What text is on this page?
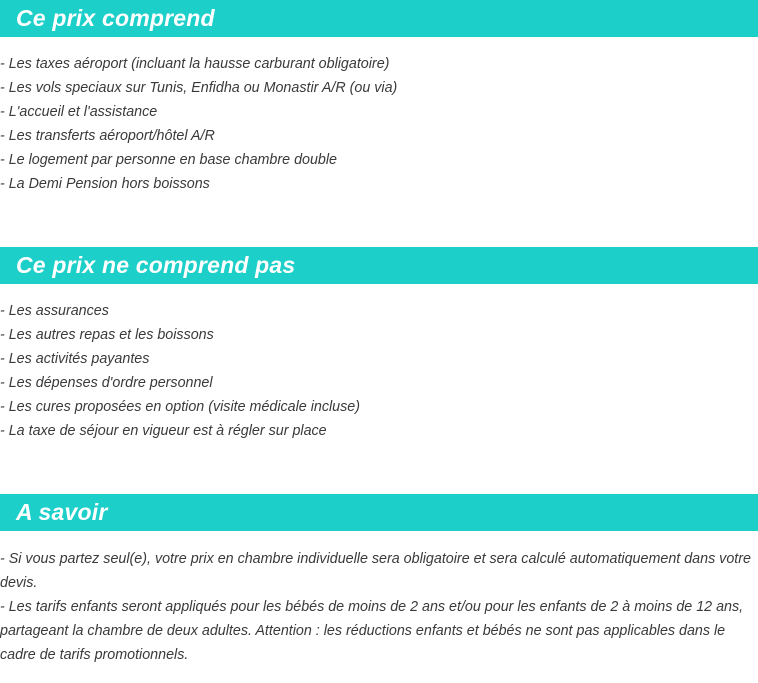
Ce prix comprend
- Les taxes aéroport (incluant la hausse carburant obligatoire)
- Les vols speciaux sur Tunis, Enfidha ou Monastir A/R (ou via)
- L'accueil et l'assistance
- Les transferts aéroport/hôtel A/R
- Le logement par personne en base chambre double
- La Demi Pension hors boissons
Ce prix ne comprend pas
- Les assurances
- Les autres repas et les boissons
- Les activités payantes
- Les dépenses d'ordre personnel
- Les cures proposées en option (visite médicale incluse)
- La taxe de séjour en vigueur est à régler sur place
A savoir
- Si vous partez seul(e), votre prix en chambre individuelle sera obligatoire et sera calculé automatiquement dans votre devis.
- Les tarifs enfants seront appliqués pour les bébés de moins de 2 ans et/ou pour les enfants de 2 à moins de 12 ans, partageant la chambre de deux adultes. Attention : les réductions enfants et bébés ne sont pas applicables dans le cadre de tarifs promotionnels.
